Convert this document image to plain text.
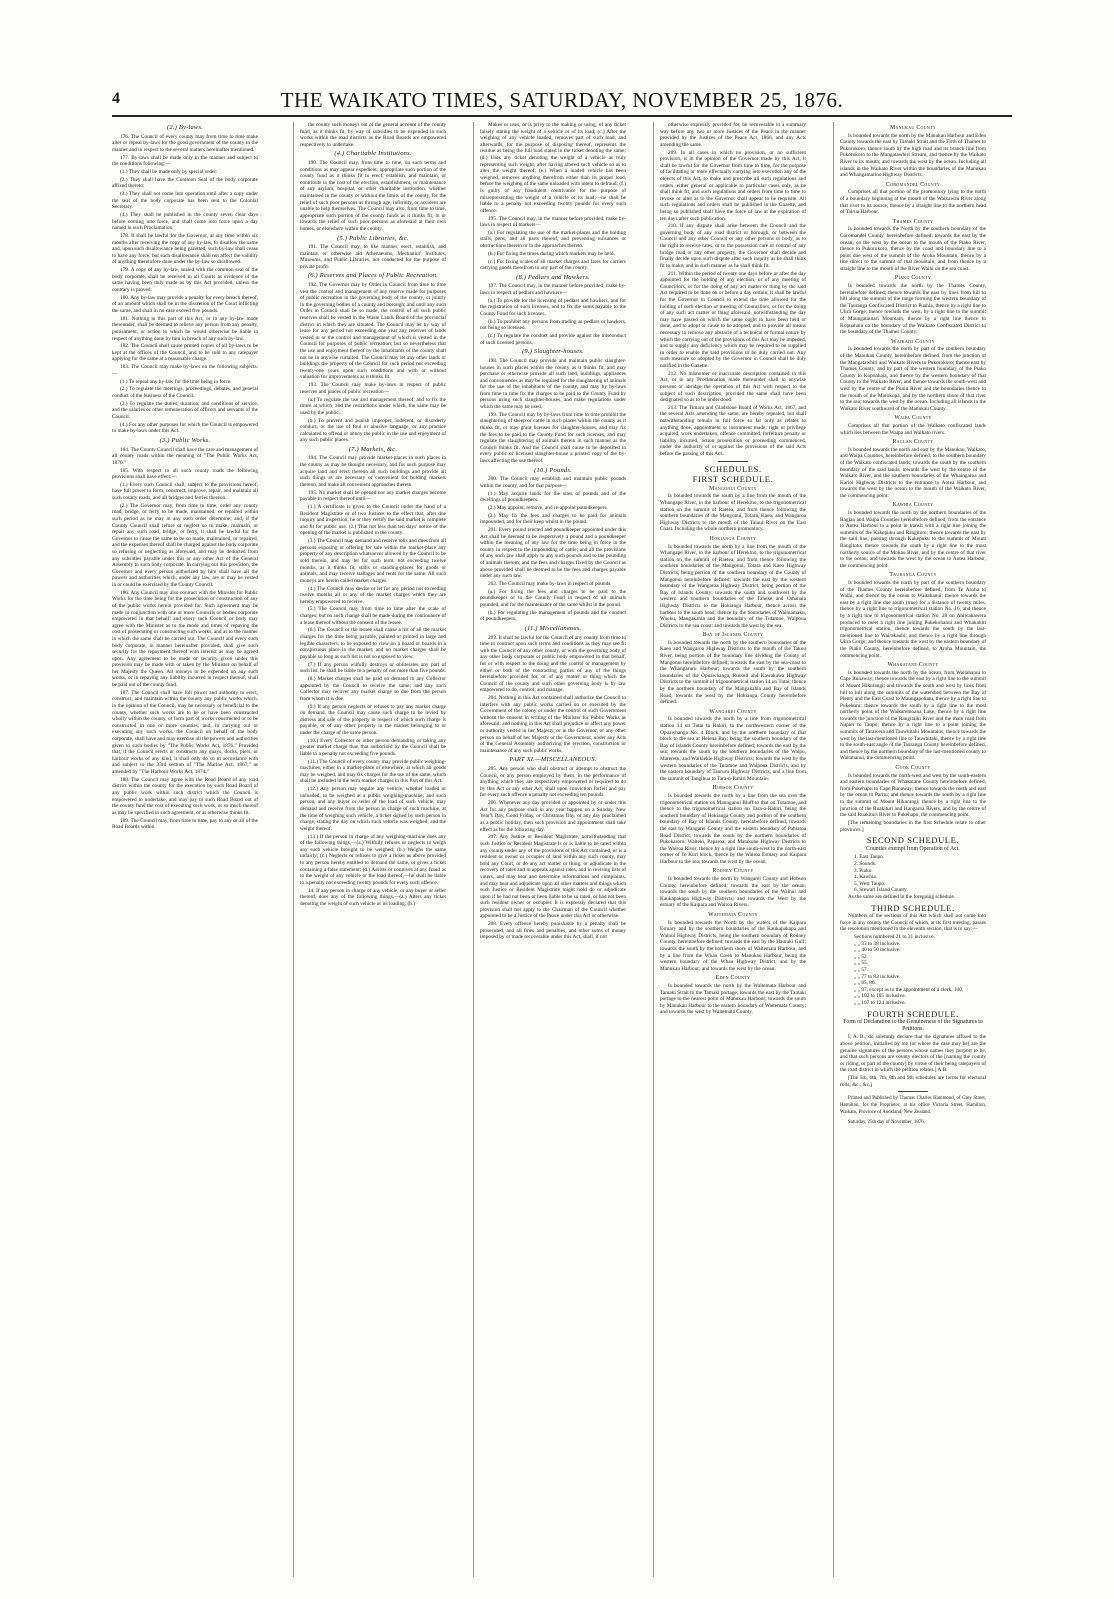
4	THE WAIKATO TIMES, SATURDAY, NOVEMBER 25, 1876.
(2.) By-laws.

176. The Council of every county may from time to time make alter or repeal by-laws for the good government of the county in the manner and in respect to the several matters hereinafter mentioned.

177. By-laws shall be made only in the manner and subject to the conditions following:—

(1.) They shall be made only by special order:

(2.) They shall have the Common Seal of the body corporate affixed thereto:

(3.) They shall not come into operation until after a copy under the seal of the body corporate has been sent to the Colonial Secretary.

(4.) They shall be published in the county seven clear days before coming into force, and shall come into force upon a day named in such Proclamation.

178. It shall be lawful for the Governor, at any time within six months after receiving the copy of any by-law, to disallow the same and, upon such disallowance being gazetted, such by-law shall cease to have any force; but such disallowance shall not affect the validity of anything theretofore done under the by-law so disallowed.

179. A copy of any by-law, sealed with the common seal of the body corporate, shall be received in all Courts as evidence of the same having been duly made as by this Act provided, unless the contrary is proved.

180. Any by-law may provide a penalty for every breach thereof, of an amount which shall be in the discretion of the Court inflicting the same, and shall in no case exceed five pounds.

181. Nothing in this part of this Act, or in any by-law made thereunder, shall be deemed to relieve any person from any penalty, punishment, or action to which he would otherwise be liable in respect of anything done by him in breach of any such by-law.

182. The Council shall cause printed copies of all by-laws to be kept at the offices of the Council, and to be sold to any ratepayer applying for the same at a reasonable charge.

183. The Council may make by-laws on the following subjects:—

(1.) To repeal any by-law for the time being in force.

(2.) To regulate the meetings, proceedings, debates, and general conduct of the business of the Council.

(3.) To regulate the duties, duration, and conditions of service, and the salaries or other remuneration of officers and servants of the Council.

(4.) For any other purposes for which the Council is empowered to make by-laws under this Act.

(3.) Public Works.

184. The County Council shall have the care and management of all county roads within the meaning of "The Public Works Act, 1876."

185. With respect to all such county roads the following provisions shall have effect:—

(1.) Every such Council shall, subject to the provisions hereof, have full power to form, construct, improve, repair, and maintain all such county roads, and all bridges and ferries thereon.

(2.) The Governor may, from time to time, order any county road, bridge, or ferry to be made, maintained, or repaired within such period as he may in any such order determine; and, if the County Council shall refuse or neglect so to make, maintain, or repair any such road, bridge, or ferry, it shall be lawful for the Governor to cause the same to be so made, maintained, or repaired, and the expenses thereof shall be charged against the body corporate so refusing or neglecting as aforesaid, and may be deducted from any subsidies payable under this or any other Act of the General Assembly to such body corporate. In carrying out this provision, the Governor and every person authorized by him shall have all the powers and authorities which, under any law, are or may be vested in or could be exercised by the County Council.

186. Any Council may also contract with the Minister for Public Works for the time being for the prosecution or construction of any of the public works herein provided for. Such agreement may be made in conjunction with one or more Councils or bodies corporate empowered in that behalf; and every such Council or body may agree with the Minister as to the mode and times of repaying the cost of prosecuting or constructing such works, and as to the manner in which the same shall be carried out. The Council and every such body corporate, in manner hereinafter provided, shall give such security for the repayment thereof with interest as may be agreed upon. Any agreement to be made or security given under this provision may be made with or taken by the Minister on behalf of her Majesty the Queen. All moneys to be expended on any such works, or in repaying any liability incurred in respect thereof, shall be paid out of the county fund.

187. The Council shall have full power and authority to erect, construct, and maintain within the county any public works which, in the opinion of the Council, may be necessary or beneficial to the county, whether such works are to be or have been constructed wholly within the county, or form part of works constructed or to be constructed in one or more counties; and, in carrying out or executing any such works, the Council on behalf of the body corporate, shall have and may exercise all the powers and authorities given to such bodies by "The Public Works Act, 1876." Provided that, if the Council erects or constructs any quays, docks, piers, or harbour works of any kind, it shall only do so in accordance with and subject to the 33rd section of "The Marine Act, 1867," as amended by "The Harbour Works Act, 1874."

188. The Council may agree with the Road Board of any road district within the county for the execution by such Road Board of any public work within such district which the Council is empowered to undertake, and may pay to such Road Board out of the county fund the cost of executing such work, or so much thereof as may be specified in such agreement, or as otherwise thinks fit.

189. The Council may, from time to time, pay to any or all of the Road Boards within

the county such moneys out of the general account of the county fund, as it thinks fit, by way of subsidies to be expended in such works within the road districts as the Road Boards are empowered respectively to undertake.

(4.) Charitable Institutions.

190. The Council may, from time to time, on such terms and conditions as may appear expedient, appropriate such portion of the county fund as it thinks fit to erect, establish, and maintain, or contribute to the cost of the erection, establishment, or maintenance of any asylum, hospital, or other charitable institution, whether maintained in the county or without the limits of the county, for the relief of such poor persons as through age, infirmity, or accident are unable to help themselves. The Council may also, from time to time, appropriate such portion of the county funds as it thinks fit, in or towards the relief of such poor persons as aforesaid at their own homes, or elsewhere within the county.

(5.) Public Libraries, &c.

191. The Council may, to like manner, erect, establish, and maintain or otherwise aid Athenaeums, Mechanics' Institutes, Museums, and Public Libraries, not conducted for the purpose of private profit.

(6.) Reserves and Places of Public Recreation.

192. The Governor may by Order in Council from time to time vest the control and management of any reserve made for purposes of public recreation in the governing body of the county, or jointly in the governing bodies of a county and borough; and until any such Order in Council shall be so made, the control of all such public reserves shall be vested in the Waste Lands Board of the provincial district in which they are situated. The Council may let by way of lease for any period not exceeding one year any reserves of lands vested in or the control and management of which is vested in the Council for purposes of public recreation; but so nevertheless that the use and enjoyment thereof by the inhabitants of the county shall not be in anywise curtailed. The Council may let any other lands or buildings the property of the Council for such period not exceeding twenty-one years upon such conditions and with or without valuation for improvements as it thinks fit.

193. The Council may make by-laws in respect of public reserves and places of public recreation—

(a.) To regulate the use and management thereof, and to fix the times at which, and the restrictions under which, the same may be used by the public.

(b.) To prevent and punish improper, indecent, or disorderly conduct, or the use of foul or abusive language, or any practice calculated to offend or annoy the public in the use and enjoyment of any such public places.

(7.) Markets, &c.

194. The Council may provide market-places in such places in the county as may be thought necessary, and for such purpose may acquire land and erect thereon all such buildings and provide all such things as are necessary or convenient for holding markets thereon, and make all convenient approaches thereto.

195. No market shall be opened nor any market charges become payable in respect thereof until—

(1.) A certificate is given to the Council under the hand of a Resident Magistrate or of two Justices to the effect that, after due inquiry and inspection, he or they certify the said market is complete and fit for public use. (2.) That not less than ten days' notice of the opening of the market is published in the county.

(3.) The Council may demand and receive tolls and dues from all persons exposing or offering for sale within the market-place any property of any description whatsoever allowed by the Council to be sold therein, and may let for such term, not exceeding twelve months, as it thinks fit, stalls or standing-places for goods or animals, and may receive stallages and rents for the same. All such moneys are herein called market charges.

(4.) The Council may devise or let for any period not exceeding twelve months all or any of the market charges which they are hereby empowered to receive.

(5.) The Council may from time to time alter the scale of charges; but no such change shall be made during the continuance of a lease thereof without the consent of the lessee.

(6.) The Council or the lessee shall cause a list of all the market charges for the time being payable, painted or printed in large and legible characters, to be exposed to view on a board or boards in a conspicuous place in the market; and no market charges shall be payable so long as such list is not so exposed to view.

(7.) If any person wilfully destroys or obliterates any part of such list, he shall be liable to a penalty of not more than five pounds.

(8.) Market charges shall be paid on demand to any Collector appointed by the Council to receive the same; and any such Collector may recover any market charge so due from the person from whom it is due.

(9.) If any person neglects or refuses to pay any market charge on demand, the Council may cause such charge to be levied by distress and sale of the property in respect of which such charge is payable, or of any other property in the market belonging to or under the charge of the same person.

(10.) Every Collector or other person demanding or taking any greater market charge than that authorised by the Council shall be liable to a penalty not exceeding five pounds.

(11.) The Council of every county may provide public weighing-machines, either in a market-place or elsewhere, at which all goods may be weighed, and may fix charges for the use of the same, which shall be included in the term market charges in this Part of this Act.

(12.) Any person may require any vehicle, whether loaded or unloaded, to be weighed at a public weighing-machine; and such person, and any buyer or seller of the load of such vehicle, may demand and receive from the person in charge of such machine, at the time of weighing such vehicle, a ticket signed by such person in charge, stating the day on which such vehicle was weighed, and the weight thereof.

(13.) If the person in charge of any weighing-machine does any of the following things,—(a.) Wilfully refuses or neglects to weigh any such vehicle brought to be weighed; (b.) Weighs the same unfairly; (c.) Neglects or refuses to give a ticket as above provided to any person hereby entitled to demand the same, or gives a ticket containing a false statement; (d.) Assists or connives at any fraud as to the weight of any vehicle or the load thereof,—he shall be liable to a penalty not exceeding twenty pounds for every such offence.

14. If any person in charge of any vehicle, or any buyer or seller thereof, does any of the following things,—(a.) Alters any ticket denoting the weight of such vehicle or its loading; (b.)

Makes or uses, or is privy to the making or using, of any ticket falsely stating the weight of a vehicle or of its load; (c.) After the weighing of any vehicle loaded, removes part of such load, and afterwards, for the purpose of disposing thereof, represents the residue as being the full load stated in the ticket denoting the same; (d.) Uses any ticket denoting the weight of a vehicle as truly representing such weight, after having altered such vehicle so as to alter the weight thereof; (e.) When a loaded vehicle has been weighed, removes anything therefrom either than its proper load, before the weighing of the same unloaded with intent to defraud; (f.) Is guilty of any fraudulent contrivance for the purpose of misrepresenting the weight of a vehicle or its load;—he shall be liable to a penalty not exceeding twenty pounds for every such offence.

195. The Council may, in the manner before provided, make by-laws in respect of markets—

(a.) For regulating the use of the market-places and the holding stalls, pens, and all parts thereof, and preventing nuisances or obstructions therein or in the approaches thereto.

(b.) For fixing the times during which markets may be held.

(c.) For fixing scales of all market charges and fares for carriers carrying goods therefrom to any part of the county.

(8.) Pedlars and Hawkers.

197. The Council may, in the manner before provided, make by-laws in respect of pedlars and hawkers—

(a.) To provide for the licensing of pedlars and hawkers, and for the registration of such licenses, and to fix the sums payable to the County Fund for such licenses.

(b.) To prohibit any persons from trading as pedlars or hawkers, not being so licensed.

(c.) To regulate the conduct and provide against the misconduct of such licensed persons.

(9.) Slaughter-houses.

198. The Council may provide and maintain public slaughter-houses in such places within the county as it thinks fit, and may purchase or otherwise provide all such land, buildings, appliances and conveniences as may be required for the slaughtering of animals for the use of the inhabitants of the county, and may by by-laws from time to time fix the charges to be paid to the County Fund by persons using such slaughter-houses, and make regulations under which the same may be used.

199. The Council may by by-laws from time to time prohibit the slaughtering of sheep or cattle in such places within the county as it thinks fit, or may grant licenses for slaughter-houses, and may fix the fees to be paid to the County Fund for such licenses, and may regulate the slaughtering of animals therein in such manner as the Council thinks fit. And the Council shall cause to be deposited in every public or licensed slaughter-house a printed copy of the by-laws affecting the use thereof.

(10.) Pounds.

200. The Council may establish and maintain public pounds within the county, and for that purpose—

(1.) May acquire lands for the sites of pounds and of the dwellings of poundkeepers.

(2.) May appoint, remove, and re-appoint poundkeepers.

(3.) May fix the fees and charges to be paid for animals impounded, and for their keep whilst in the pound.

201. Every pound erected and poundkeeper appointed under this Act shall be deemed to be respectively a pound and a poundkeeper within the meaning of any law for the time being in force in the county in respect to the impounding of cattle; and all the provisions of any such law shall apply to any such pounds and to the pounding of animals therein; and the fees and charges fixed by the Council as above provided shall be deemed to be the fees and charges payable under any such law.

202. The Council may make by-laws in respect of pounds.

(a.) For fixing the fees and charges to be paid to the poundkeeper or to the County Fund in respect of all animals pounded, and for the maintenance of the same whilst in the pound.

(b.) For regulating the management of pounds and the conduct of poundkeepers.

(11.) Miscellaneous.

203. It shall be lawful for the Council of any county from time to time to contract upon such terms and conditions as they may see fit with the Council of any other county, or with the governing body of any other body corporate or public body empowered in that behalf, for or with respect to the doing and the control or management by either or both of the contracting parties of any of the things hereinbefore provided for, or of any matter or thing which the Council of the county and such other governing body is by law empowered to do, control, and manage.

204. Nothing in this Act contained shall authorize the Council to interfere with any public works carried on or executed by the Government of the colony or under the control of such Government without the consent in writing of the Minister for Public Works as aforesaid; and nothing in this Act shall prejudice or affect any power or authority vested in her Majesty, or in the Governor, or any other person on behalf of her Majesty or the Government, under any Acts of the General Assembly authorizing the erection, construction or maintenance of any such public works.

PART XI.—MISCELLANEOUS.

205. Any person who shall obstruct or attempt to obstruct the Council, or any person employed by them, in the performance of anything which they are respectively empowered or required to do by this Act or any other Act, shall upon conviction forfeit and pay for every such offence a penalty not exceeding ten pounds.

206. Whenever any day provided or appointed by or under this Act for any purpose shall in any year happen on a Sunday, New Year's Day, Good Friday, or Christmas Day, or any day proclaimed as a public holiday, then such provision and appointment shall take effect as for the following day.

207. Any Justice or Resident Magistrate, notwithstanding that such Justice or Resident Magistrate is or is liable to be rated within any county under any of the provisions of this Act contained, or is a resident or owner or occupier of land within any such county, may hold any Court, or do any act matter or thing, or adjudicate in the recovery of rates and in appeals against rates, and in revising lists of voters, and may hear and determine informations and complaints, and may hear and adjudicate upon all other matters and things which such Justice or Resident Magistrate might hold do or adjudicate upon if he had not been or been liable to be so rated, or had not been such resident owner or occupier. It is expressly declared that this provision shall not apply to the Chairman of the Council whether appointed to be a Justice of the Peace under this Act or otherwise.

208. Every offence hereby punishable by a penalty shall be prosecuted, and all fines and penalties, and other sums of money imposed by or made recoverable under this Act, shall, if not

otherwise expressly provided for, be recoverable in a summary way before any two or more Justices of the Peace in the manner provided by the Justices of the Peace Act, 1866, and any Acts amending the same.

209. In all cases in which no provision, or no sufficient provision, is in the opinion of the Governor made by this Act, it shall be lawful for the Governor from time to time, for the purpose of facilitating or more effectually carrying into execution any of the objects of this Act, to make and prescribe all such regulations and orders, either general or applicable to particular cases only, as he shall think fit, and such regulations and orders from time to time to revoke or alter as to the Governor shall appear to be requisite. All such regulations and orders shall be published in the Gazette, and being so published shall have the force of law at the expiration of ten days after such publication.

210. If any dispute shall arise between the Council and the governing body of any road district or borough, or between the Council and any other Council or any other persons or body, as to the right to receive rates, or to the possession care or control of any bridge road or any other property, the Governor shall decide and finally decide upon such dispute after such inquiry as he shall think fit to make, and in such manner as he shall think fit.

211. Within the period of twenty one days before or after the day appointed for the holding of any election, or of any meeting of Councillors, or for the doing of any act matter or thing by the said Act required to be done on or before a day certain, it shall be lawful for the Governor in Council to extend the time allowed for the holding of such election or meeting of Councillors, or for the doing of any such act matter or thing aforesaid, notwithstanding the day may have passed on which the same ought to have been held or done, and to adopt or cause to be adopted, and to provide all means necessary to remove any obstacle of a technical or formal nature by which the carrying out of the provisions of this Act may be impeded, and to supply any deficiency which may be required to be supplied in order to enable the said provisions to be duly carried out. Any such measure so adopted by the Governor in Council shall be duly notified in the Gazette.

212. No misnomer or inaccurate description contained in this Act, or in any Proclamation made thereunder shall in anywise prevent or abridge the operation of this Act with respect to the subject of such description, provided the same shall have been designated so as to be understood.

213. The Timaru and Gladstone Board of Works Act, 1867, and the several Acts amending the same, are hereby repealed, but shall notwithstanding remain in full force so far only as relates to anything done, appointment or instrument made, right or privilege acquired, work undertaken, offence committed, forfeiture penalty or liability incurred, action prosecution or proceeding commenced, under the authority of or against the provisions of the said Acts before the passing of this Act.

SCHEDULES.
FIRST SCHEDULE.
Mangonui County

Is bounded towards the south by a line from the mouth of the Whangape River, in the harbour of Herekino, to the trigonometrical station on the summit of Raetea, and from thence following the southern boundaries of the Mangonui, Totara, Kaeo, and Wangaroa Highway Districts to the mouth of the Taiaui River on the East Coast. Including the whole northern promontory.

Hokianga County

Is bounded towards the north by a line from the mouth of the Whangape River, in the harbour of Herekino, to the trigonometrical station on the summit of Raetea, and from thence following the southern boundaries of the Mangonui, Totara and Kaeo Highway Districts, being portion of the southern boundary of the County of Mangonui hereinbefore defined; towards the east by the western boundary of the Wangaroa Highway District, being portion of the Bay of Islands County; towards the south and southwest by the western and southern boundaries of the Taheke and Omanaia Highway Districts to the Hokianga Harbour, thence across the harbour to the south head, thence by the boundaries of Waimamaku, Waoku, Mangakahia and the boundary of the Tutamoe, Waipoua Districts to the sea coast; and towards the west by the sea.

Bay of Islands County

Is bounded towards the north by the southern boundaries of the Kaeo and Wangaroa Highway Districts to the mouth of the Takou River, being portion of the boundary line dividing the County of Mangonui hereinbefore defined; towards the east by the sea-coast to the Whangaruru Harbour; towards the south by the southern boundaries of the Opuawhanga, Russell and Kawakawa Highway Districts to the summit of trigonometrical station 14 on Tutai; thence by the northern boundary of the Mangakahia and Bay of Islands Road, towards the west by the Hokianga County hereinbefore defined.

Wangarei County

Is bounded towards the north by a line from trigonometrical station 14 on Tutai to Rahiri, to the northwestern corner of the Opuawhanga No. 4 Block, and by the northern boundary of that block to the sea at Helena Bay; being the southern boundary of the Bay of Islands County hereinbefore defined; towards the east by the sea; towards the south by the southern boundaries of the Waipu, Mareretu, and Waikiekie Highway Districts; towards the west by the western boundaries of the Tutamoe and Waipoua Districts, and by the eastern boundary of Taururu Highway Districts, and a line from the summit of Tangihua to Tara-o-Rahiri Mountain.

Hobson County

Is bounded towards the north by a line from the sea over the trigonometrical station on Maunganui Bluff to that on Tutamoe, and thence to the trigonometrical station on Tara-o-Rahiri, being the southern boundary of Hokianga County and portion of the southern boundary of Bay of Islands County, hereinbefore defined; towards the east by Wangarei County and the eastern boundary of Pahiatoa Road District; towards the south by the northern boundaries of Pukekaroro, Waiteki, Paparoa, and Matakohe Highway Districts to the Wairoa River, thence by a right line south-west to the north-east corner of Te Kuri block, thence by the Wairoa Estuary and Kaipara Harbour to the sea; towards the west by the ocean.

Rodney County

Is bounded towards the north by Wangarei County and Hobson County, hereinbefore defined; towards the east by the ocean; towards the south by the southern boundaries of the Wainui and Kaukapakapa Highway Districts; and towards the West by the estuary of the Kaipara and Wairoa Rivers.

Waitemata County

Is bounded towards the North by the waters of the Kaipara Estuary and by the southern boundaries of the Kaukapakapa and Wainui Highway Districts, being the southern boundary of Rodney County, hereinbefore defined; towards the east by the Hauraki Gulf; towards the south by the northern shore of Waitemata Harbour, and by a line from the Whau Creek to Manukau Harbour, being the western boundary of the Whau Highway District, and by the Manukau Harbour; and towards the west by the ocean.

Eden County

Is bounded towards the north by the Waitemata Harbour and Tamaki Strait to the Tamaki portage; towards the east by the Tamaki portage to the nearest point of Manukau Harbour; towards the south by Manukau Harbour to the eastern boundary of Waitemata County; and towards the west by Waitemata County.

Manukau County

Is bounded towards the north by the Manukau Harbour and Eden County towards the east by Tamaki Strait and the Firth of Thames to Pukorokoro, thence south by the high road and its branch line from Pukorokoro to the Mangatawhiri Stream, and thence by the Waikato River to its mouth; and towards the west by the ocean. Including all islands in the Waikato River within the boundaries of the Manukau and Whangamarino Highway Districts.

Coromandel County

Comprises all that portion of the promontory lying to the north of a boundary beginning at the mouth of the Waikawau River along that river to its source, thence by a straight line to the northern head of Tairua Harbour.

Thames County

Is bounded towards the North by the southern boundary of the Coromandel County, hereinbefore defined; towards the east by the ocean; on the west by the ocean to the mouth of the Piako River, thence to Pukorokoro, thence by the coast and boundary line to a point due west of the summit of the Aroha Mountain, thence by a line direct to the summit of that mountain, and from thence by a straight line to the mouth of the River Waihi on the sea coast.

Piako County

Is bounded towards the north by the Thames County, hereinbefore defined; thence towards the east by lines from hill to hill along the summit of the range forming the western boundary of the Tauranga Confiscated District to Puahia, thence by a right line to Ulira Gorge; thence towards the west, by a right line to the summit of Maungatautari Mountain, thence by a right line thence to Kopuahaia on the boundary of the Waikato Confiscated District to the boundary of the Thames County.

Waikato County

Is bounded towards the north by part of the southern boundary of the Manukau County, hereinbefore defined, from the junction of the Mangatawhiri and Waikato Rivers to Pukorokoro; thence east by Thames County, and by part of the western boundary of the Piako County to Kopuahaia, and thence by the western boundary of that County to the Waikato River; and thence towards the south-west and west by the centre of the Puniu River and the boundaries thence to the mouth of the Marokopa, and by the northern shore of that river to the sea; towards the west by the ocean. Including all islands in the Waikato River southward of the Manukau County.

Waipa County

Comprises all that portion of the Waikato confiscated lands which lies between the Waipa and Waikato rivers.

Raglan County

Is bounded towards the north and east by the Manukau, Waikato, and Waipa Counties, hereinbefore defined, to the southern boundary of the Waikato confiscated lands; towards the south by the southern boundary of the said lands; towards the west by the centre of the Waikato River, and the southern boundaries of the Whaingaroa and Karioi Highway Districts to the entrance to Aotea Harbour, and towards the west by the ocean to the mouth of the Waikato River, the commencing point.

Kawhia County

Is bounded towards the north by the northern boundaries of the Raglan and Waipa Counties hereinbefore defined, from the entrance to Aotea Harbour to a point in transit with a right line joining the summits of the Kakepuku and Rangitoto; thence towards the east by the said line, passing through Kakepuku to the summit of Mount Rangitoto; thence towards the south by a right line to the most northerly source of the Mokau River, and by the centre of that river to the ocean; and towards the west by the ocean to Aotea Harbour, the commencing point.

Tauranga County

Is bounded towards the north by part of the southern boundary of the Thames County hereinbefore defined, from Te Aroha to Waihi, and thence by the ocean to Waitahanui; thence towards the east by a right line due south (true) for a distance of twenty miles, thence by a right line to trigonometrical station No. 16, and thence by a right line to trigonometrical station No. 28 on Ahiwakawera produced to meet a right line joining Pukekohanui and Whakahiti trigonometrical station, thence towards the south by the last-mentioned line to Wairakauhi; and thence by a right line through Ulira Gorge; and thence towards the west by the eastern boundary of the Piako County, hereinbefore defined, to Aroha Mountain, the commencing point.

Whakatane County

Is bounded towards the north by the ocean, from Waitahanui to Cape Runaway; thence towards the east by a right line to the summit of Mount Hikurangi; and towards the south and west by lines from hill to hill along the summits of the watershed between the Bay of Plenty and the East Coast to Maungapohatu, thence by a right line to Pukehuru; thence towards the south by a right line to the most northerly point of the Waikaremoana Lake, thence by a right line towards the junction of the Rangitaiki River and the main road from Napier to Taupo; thence by a right line to a point joining the summits of Tarawera and Tauwhitahi Mountains; thence towards the west by the last-mentioned line to Tauwhitahi, thence by a right line to the south-east angle of the Tauranga County hereinbefore defined, and thence by the northern boundary of the last-mentioned county to Waitahanui, the commencing point.

Cook County

Is bounded towards the north-west and west by the south-eastern and eastern boundaries of Whakatane County hereinbefore defined, from Pukehapu to Cape Runaway; thence towards the north and east by the ocean to Paritu; and thence towards the south by a right line to the summit of Mount Hikurangi; thence by a right line to the junction of the Ruakituri and Hangaroa Rivers, and by the centre of the said Ruakituri River to Pukehapu, the commencing point.

[The remaining boundaries in the first Schedule relate to other provinces.]

SECOND SCHEDULE.
Counties exempt from Operation of Act.

1. East Taupo.

2. Sounds.

3. Piako.

4. Kawhia.

5. West Taupo.

6. Stewart Island County.

As the same are defined in the foregoing schedule.

THIRD SCHEDULE.

Numbers of the sections of this Act which shall not come into force in any county the Council of which, at its first meeting, passes the resolution mentioned in the eleventh section, that is to say:—

Sections numbered 21 to 31 inclusive.

„ „ 33 to 38 inclusive.

„ „ 40 to 50 inclusive.

„ „ 52.

„ „ 55.

„ „ 57.

„ „ 77 to 83 inclusive.

„ „ 85, 86.

„ „ 97, except as to the appointment of a clerk, 100.

„ „ 102 to 105 inclusive.

„ „ 107 to 124 inclusive.

FOURTH SCHEDULE.
Form of Declaration to the Genuineness of the Signatures to Petitions.

I, A. B., do solemnly declare that the signatures affixed to the above petition, initialled by me (or where the case may be) are the genuine signatures of the persons whose names they purport to be, and that such persons are county electors of the [naming the county or riding, or part of the county] by virtue of their being ratepayers of the road district in which the petition relates.] A.B.

[The 5th, 6th, 7th, 8th and 9th schedules are forms for electoral rolls, &c., &c.]

Printed and Published by Thomas Charles Hammond, of Grey Street, Hamilton, for the Proprietor, at his office Victoria Street, Hamilton, Waikato, Province of Auckland, New Zealand.

Saturday, 25th day of November, 1876.
